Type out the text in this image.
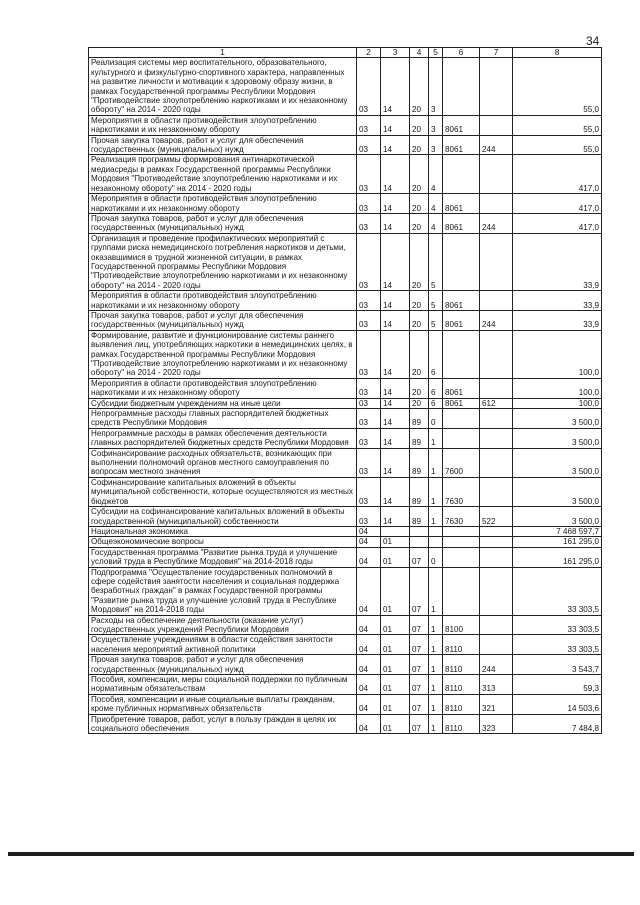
34
1	2	3	4	5	6	7	8
Реализация системы мер воспитательного, образовательного, культурного и физкультурно-спортивного характера, направленных на развитие личности и мотивации к здоровому образу жизни, в рамках Государственной программы Республики Мордовия "Противодействие злоупотреблению наркотиками и их незаконному обороту" на 2014 - 2020 годы	03	14	20	3			55,0
Мероприятия в области противодействия злоупотреблению наркотиками и их незаконному обороту	03	14	20	3	8061		55,0
Прочая закупка товаров, работ и услуг для обеспечения государственных (муниципальных) нужд	03	14	20	3	8061	244	55,0
Реализация программы формирования антинаркотической медиасреды в рамках Государственной программы Республики Мордовия "Противодействие злоупотреблению наркотиками и их незаконному обороту" на 2014 - 2020 годы	03	14	20	4			417,0
Мероприятия в области противодействия злоупотреблению наркотиками и их незаконному обороту	03	14	20	4	8061		417,0
Прочая закупка товаров, работ и услуг для обеспечения государственных (муниципальных) нужд	03	14	20	4	8061	244	417,0
Организация и проведение профилактических мероприятий с группами риска немедицинского потребления наркотиков и детьми, оказавшимися в трудной жизненной ситуации, в рамках Государственной программы Республики Мордовия "Противодействие злоупотреблению наркотиками и их незаконному обороту" на 2014 - 2020 годы	03	14	20	5			33,9
Мероприятия в области противодействия злоупотреблению наркотиками и их незаконному обороту	03	14	20	5	8061		33,9
Прочая закупка товаров, работ и услуг для обеспечения государственных (муниципальных) нужд	03	14	20	5	8061	244	33,9
Формирование, развитие и функционирование системы раннего выявления лиц, употребляющих наркотики в немедицинских целях, в рамках Государственной программы Республики Мордовия "Противодействие злоупотреблению наркотиками и их незаконному обороту" на 2014 - 2020 годы	03	14	20	6			100,0
Мероприятия в области противодействия злоупотреблению наркотиками и их незаконному обороту	03	14	20	6	8061		100,0
Субсидии бюджетным учреждениям на иные цели	03	14	20	6	8061	612	100,0
Непрограммные расходы главных распорядителей бюджетных средств Республики Мордовия	03	14	89	0			3 500,0
Непрограммные расходы в рамках обеспечения деятельности главных распорядителей бюджетных средств Республики Мордовия	03	14	89	1			3 500,0
Софинансирование расходных обязательств, возникающих при выполнении полномочий органов местного самоуправления по вопросам местного значения	03	14	89	1	7600		3 500,0
Софинансирование капитальных вложений в объекты муниципальной собственности, которые осуществляются из местных бюджетов	03	14	89	1	7630		3 500,0
Субсидии на софинансирование капитальных вложений в объекты государственной (муниципальной) собственности	03	14	89	1	7630	522	3 500,0
Национальная экономика	04						7 468 597,7
Общеэкономические вопросы	04	01					161 295,0
Государственная программа "Развитие рынка труда и улучшение условий труда в Республике Мордовия" на 2014-2018 годы	04	01	07	0			161 295,0
Подпрограмма "Осуществление государственных полномочий в сфере содействия занятости населения и социальная поддержка безработных граждан" в рамках Государственной программы "Развитие рынка труда и улучшение условий труда в Республике Мордовия" на 2014-2018 годы	04	01	07	1			33 303,5
Расходы на обеспечение деятельности (оказание услуг) государственных учреждений Республики Мордовия	04	01	07	1	8100		33 303,5
Осуществление учреждениями в области содействия занятости населения мероприятий активной политики	04	01	07	1	8110		33 303,5
Прочая закупка товаров, работ и услуг для обеспечения государственных (муниципальных) нужд	04	01	07	1	8110	244	3 543,7
Пособия, компенсации, меры социальной поддержки по публичным нормативным обязательствам	04	01	07	1	8110	313	59,3
Пособия, компенсации и иные социальные выплаты гражданам, кроме публичных нормативных обязательств	04	01	07	1	8110	321	14 503,6
Приобретение товаров, работ, услуг в пользу граждан в целях их социального обеспечения	04	01	07	1	8110	323	7 484,8
